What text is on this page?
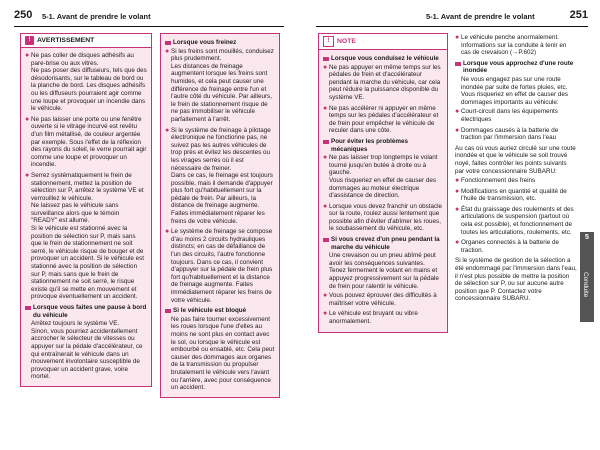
250 5-1. Avant de prendre le volant	5-1. Avant de prendre le volant	251
! AVERTISSEMENT
● Ne pas coller de disques adhésifs au pare-brise ou aux vitres.
Ne pas poser des diffuseurs, tels que des désodorisants, sur le tableau de bord ou la planche de bord. Les disques adhésifs ou les diffuseurs pourraient agir comme une loupe et provoquer un incendie dans le véhicule.
● Ne pas laisser une porte ou une fenêtre ouverte si le vitrage incurvé est revêtu d'un film métallisé, de couleur argentée par exemple. Sous l'effet de la réflexion des rayons du soleil, le verre pourrait agir comme une loupe et provoquer un incendie.
● Serrez systématiquement le frein de stationnement, mettez la position de sélection sur P, arrêtez le système VE et verrouillez le véhicule.
Ne laissez pas le véhicule sans surveillance alors que le témoin "READY" est allumé.
Si le véhicule est stationné avec la position de sélection sur P, mais sans que le frein de stationnement ne soit serré, le véhicule risque de bouger et de provoquer un accident. Si le véhicule est stationné avec la position de sélection sur P, mais sans que le frein de stationnement ne soit serré, le risque existe qu'il se mette en mouvement et provoque éventuellement un accident.
Lorsque vous faites une pause à bord du véhicule
Arrêtez toujours le système VE.
Sinon, vous pourriez accidentellement accrocher le sélecteur de vitesses ou appuyer sur la pédale d'accélérateur, ce qui entraînerait le véhicule dans un mouvement involontaire susceptible de provoquer un accident grave, voire mortel.
Lorsque vous freinez
● Si les freins sont mouillés, conduisez plus prudemment.
Les distances de freinage augmentent lorsque les freins sont humides, et cela peut causer une différence de freinage entre l'un et l'autre côté du véhicule. Par ailleurs, le frein de stationnement risque de ne pas immobiliser le véhicule parfaitement à l'arrêt.
● Si le système de freinage à pilotage électronique ne fonctionne pas, ne suivez pas les autres véhicules de trop près et évitez les descentes ou les virages serrés où il est nécessaire de freiner.
Dans ce cas, le freinage est toujours possible, mais il demande d'appuyer plus fort qu'habituellement sur la pédale de frein. Par ailleurs, la distance de freinage augmente. Faites immédiatement réparer les freins de votre véhicule.
● Le système de freinage se compose d'au moins 2 circuits hydrauliques distincts; en cas de défaillance de l'un des circuits, l'autre fonctionne toujours. Dans ce cas, il convient d'appuyer sur la pédale de frein plus fort qu'habituellement et la distance de freinage augmente. Faites immédiatement réparer les freins de votre véhicule.
Si le véhicule est bloqué
Ne pas faire tourner excessivement les roues lorsque l'une d'elles au moins ne sont plus en contact avec le sol, ou lorsque le véhicule est embourbé ou ensablé, etc. Cela peut causer des dommages aux organes de la transmission ou propulser brutalement le véhicule vers l'avant ou l'arrière, avec pour conséquence un accident.
!	NOTE
Lorsque vous conduisez le véhicule
● Ne pas appuyer en même temps sur les pédales de frein et d'accélérateur pendant la marche du véhicule, car cela peut réduire la puissance disponible du système VE.
● Ne pas accélérer ni appuyer en même temps sur les pédales d'accélérateur et de frein pour empêcher le véhicule de reculer dans une côte.
Pour éviter les problèmes mécaniques
● Ne pas laisser trop longtemps le volant tourné jusqu'en butée à droite ou à gauche.
Vous risqueriez en effet de causer des dommages au moteur électrique d'assistance de direction.
● Lorsque vous devez franchir un obstacle sur la route, roulez aussi lentement que possible afin d'éviter d'abîmer les roues, le soubassement du véhicule, etc.
Si vous crevez d'un pneu pendant la marche du véhicule
Une crevaison ou un pneu abîmé peut avoir les conséquences suivantes. Tenez fermement le volant en mains et appuyez progressivement sur la pédale de frein pour ralentir le véhicule.
● Vous pouvez éprouver des difficultés à maîtriser votre véhicule.
● Le véhicule est bruyant ou vibre anormalement.
● Le véhicule penche anormalement.
Informations sur la conduite à tenir en cas de crevaison (→P.602)
Lorsque vous approchez d'une route inondée
Ne vous engagez pas sur une route inondée par suite de fortes pluies, etc. Vous risqueriez en effet de causer des dommages importants au véhicule:
● Court-circuit dans les équipements électriques
● Dommages causés à la batterie de traction par l'immersion dans l'eau
Au cas où vous auriez circulé sur une route inondée et que le véhicule se soit trouvé noyé, faites contrôler les points suivants par votre concessionnaire SUBARU:
● Fonctionnement des freins
● Modifications en quantité et qualité de l'huile de transmission, etc.
● État du graissage des roulements et des articulations de suspension (partout où cela est possible), et fonctionnement de toutes les articulations, roulements, etc.
● Organes connectés à la batterie de traction.
Si le système de gestion de la sélection a été endommagé par l'immersion dans l'eau, il n'est plus possible de mettre la position de sélection sur P, ou sur aucune autre position que P. Contactez votre concessionnaire SUBARU.
5
Conduite
